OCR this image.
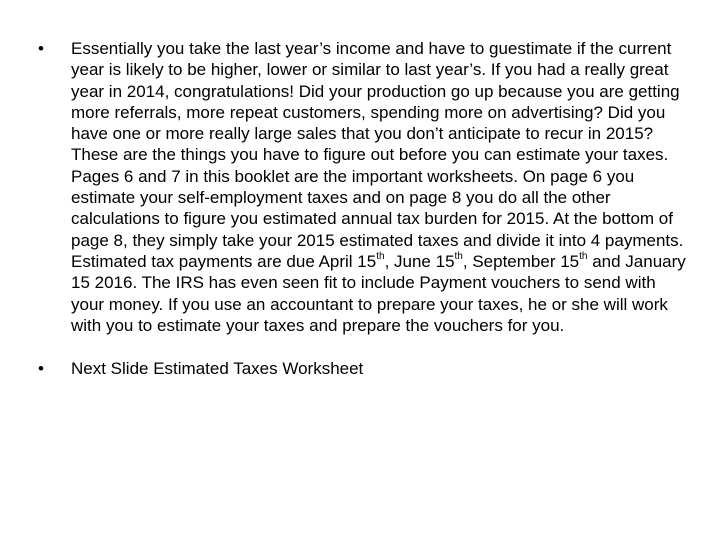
•	Essentially you take the last year’s income and have to guestimate if the current year is likely to be higher, lower or similar to last year’s. If you had a really great year in 2014, congratulations! Did your production go up because you are getting more referrals, more repeat customers, spending more on advertising? Did you have one or more really large sales that you don’t anticipate to recur in 2015? These are the things you have to figure out before you can estimate your taxes. Pages 6 and 7 in this booklet are the important worksheets. On page 6 you estimate your self-employment taxes and on page 8 you do all the other calculations to figure you estimated annual tax burden for 2015. At the bottom of page 8, they simply take your 2015 estimated taxes and divide it into 4 payments. Estimated tax payments are due April 15th, June 15th, September 15th and January 15 2016. The IRS has even seen fit to include Payment vouchers to send with your money. If you use an accountant to prepare your taxes, he or she will work with you to estimate your taxes and prepare the vouchers for you.
•	Next Slide Estimated Taxes Worksheet
